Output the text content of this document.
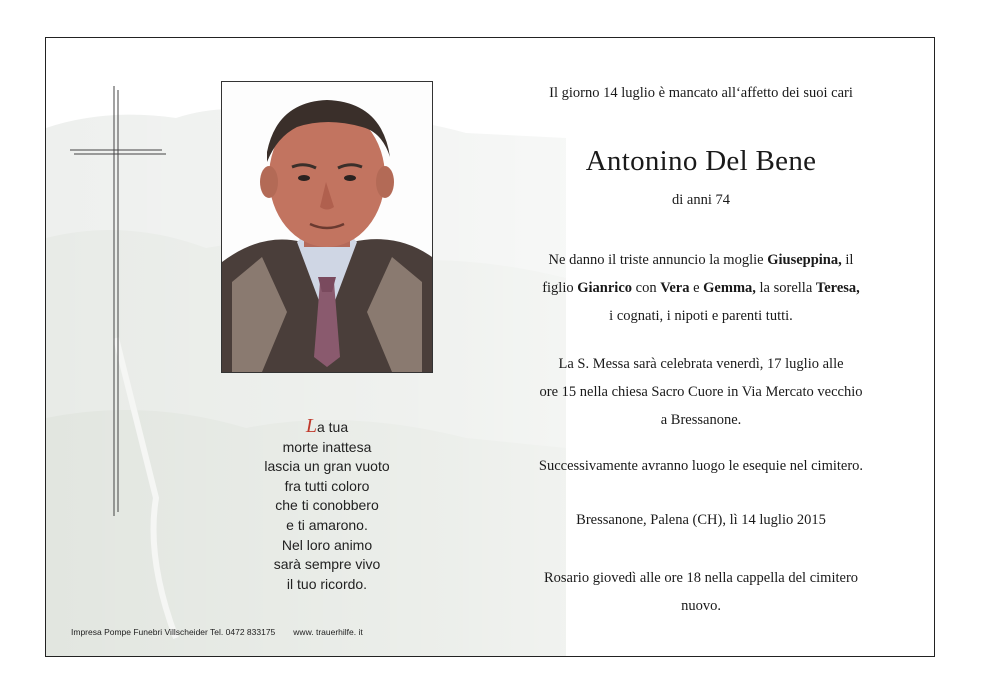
La tua
morte inattesa
lascia un gran vuoto
fra tutti coloro
che ti conobbero
e ti amarono.
Nel loro animo
sarà sempre vivo
il tuo ricordo.
Impresa Pompe Funebri Villscheider Tel. 0472 833175 www. trauerhilfe. it
Il giorno 14 luglio è mancato all‘affetto dei suoi cari
Antonino Del Bene
di anni 74
Ne danno il triste annuncio la moglie Giuseppina, il
figlio Gianrico con Vera e Gemma, la sorella Teresa,
i cognati, i nipoti e parenti tutti.
La S. Messa sarà celebrata venerdì, 17 luglio alle
ore 15 nella chiesa Sacro Cuore in Via Mercato vecchio
a Bressanone.
Successivamente avranno luogo le esequie nel cimitero.
Bressanone, Palena (CH), lì 14 luglio 2015
Rosario giovedì alle ore 18 nella cappella del cimitero
nuovo.
